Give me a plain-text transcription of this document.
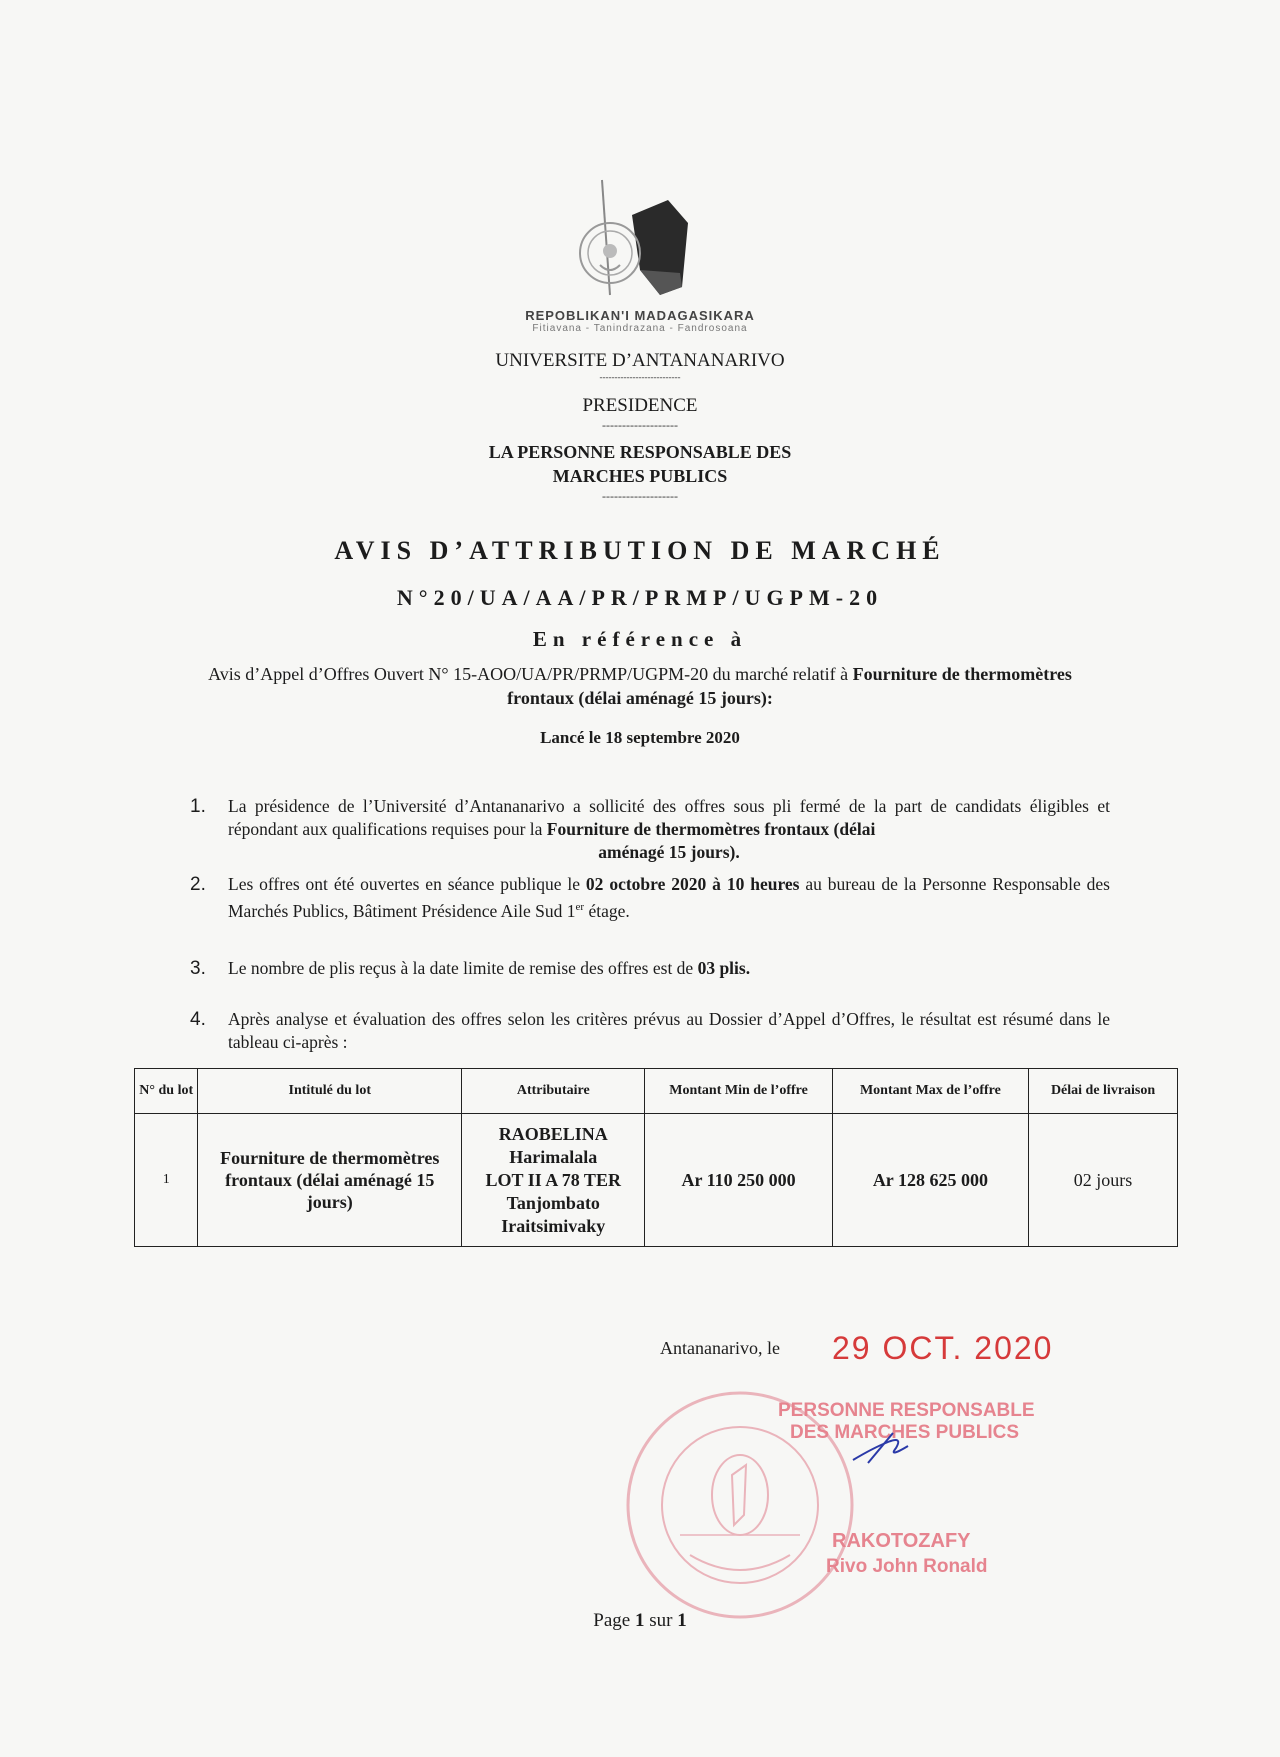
REPOBLIKAN'I MADAGASIKARA
Fitiavana - Tanindrazana - Fandrosoana
UNIVERSITE D’ANTANANARIVO
---------------------------
PRESIDENCE
-------------------
LA PERSONNE RESPONSABLE DES
MARCHES PUBLICS
-------------------
AVIS D’ATTRIBUTION DE MARCHÉ
N°20/UA/AA/PR/PRMP/UGPM-20
En référence à
Avis d’Appel d’Offres Ouvert N° 15-AOO/UA/PR/PRMP/UGPM-20 du marché relatif à Fourniture de thermomètres frontaux (délai aménagé 15 jours):
Lancé le 18 septembre 2020
1. La présidence de l’Université d’Antananarivo a sollicité des offres sous pli fermé de la part de candidats éligibles et répondant aux qualifications requises pour la Fourniture de thermomètres frontaux (délai
aménagé 15 jours).
2. Les offres ont été ouvertes en séance publique le 02 octobre 2020 à 10 heures au bureau de la Personne Responsable des Marchés Publics, Bâtiment Présidence Aile Sud 1er étage.
3. Le nombre de plis reçus à la date limite de remise des offres est de 03 plis.
4. Après analyse et évaluation des offres selon les critères prévus au Dossier d’Appel d’Offres, le résultat est résumé dans le tableau ci-après :
N° du lot	Intitulé du lot	Attributaire	Montant Min de l’offre	Montant Max de l’offre	Délai de livraison
1	Fourniture de thermomètres frontaux (délai aménagé 15 jours)	RAOBELINA
Harimalala
LOT II A 78 TER
Tanjombato
Iraitsimivaky	Ar 110 250 000	Ar 128 625 000	02 jours
Antananarivo, le 29 OCT. 2020
PERSONNE RESPONSABLE
DES MARCHES PUBLICS
RAKOTOZAFY
Rivo John Ronald
Page 1 sur 1
